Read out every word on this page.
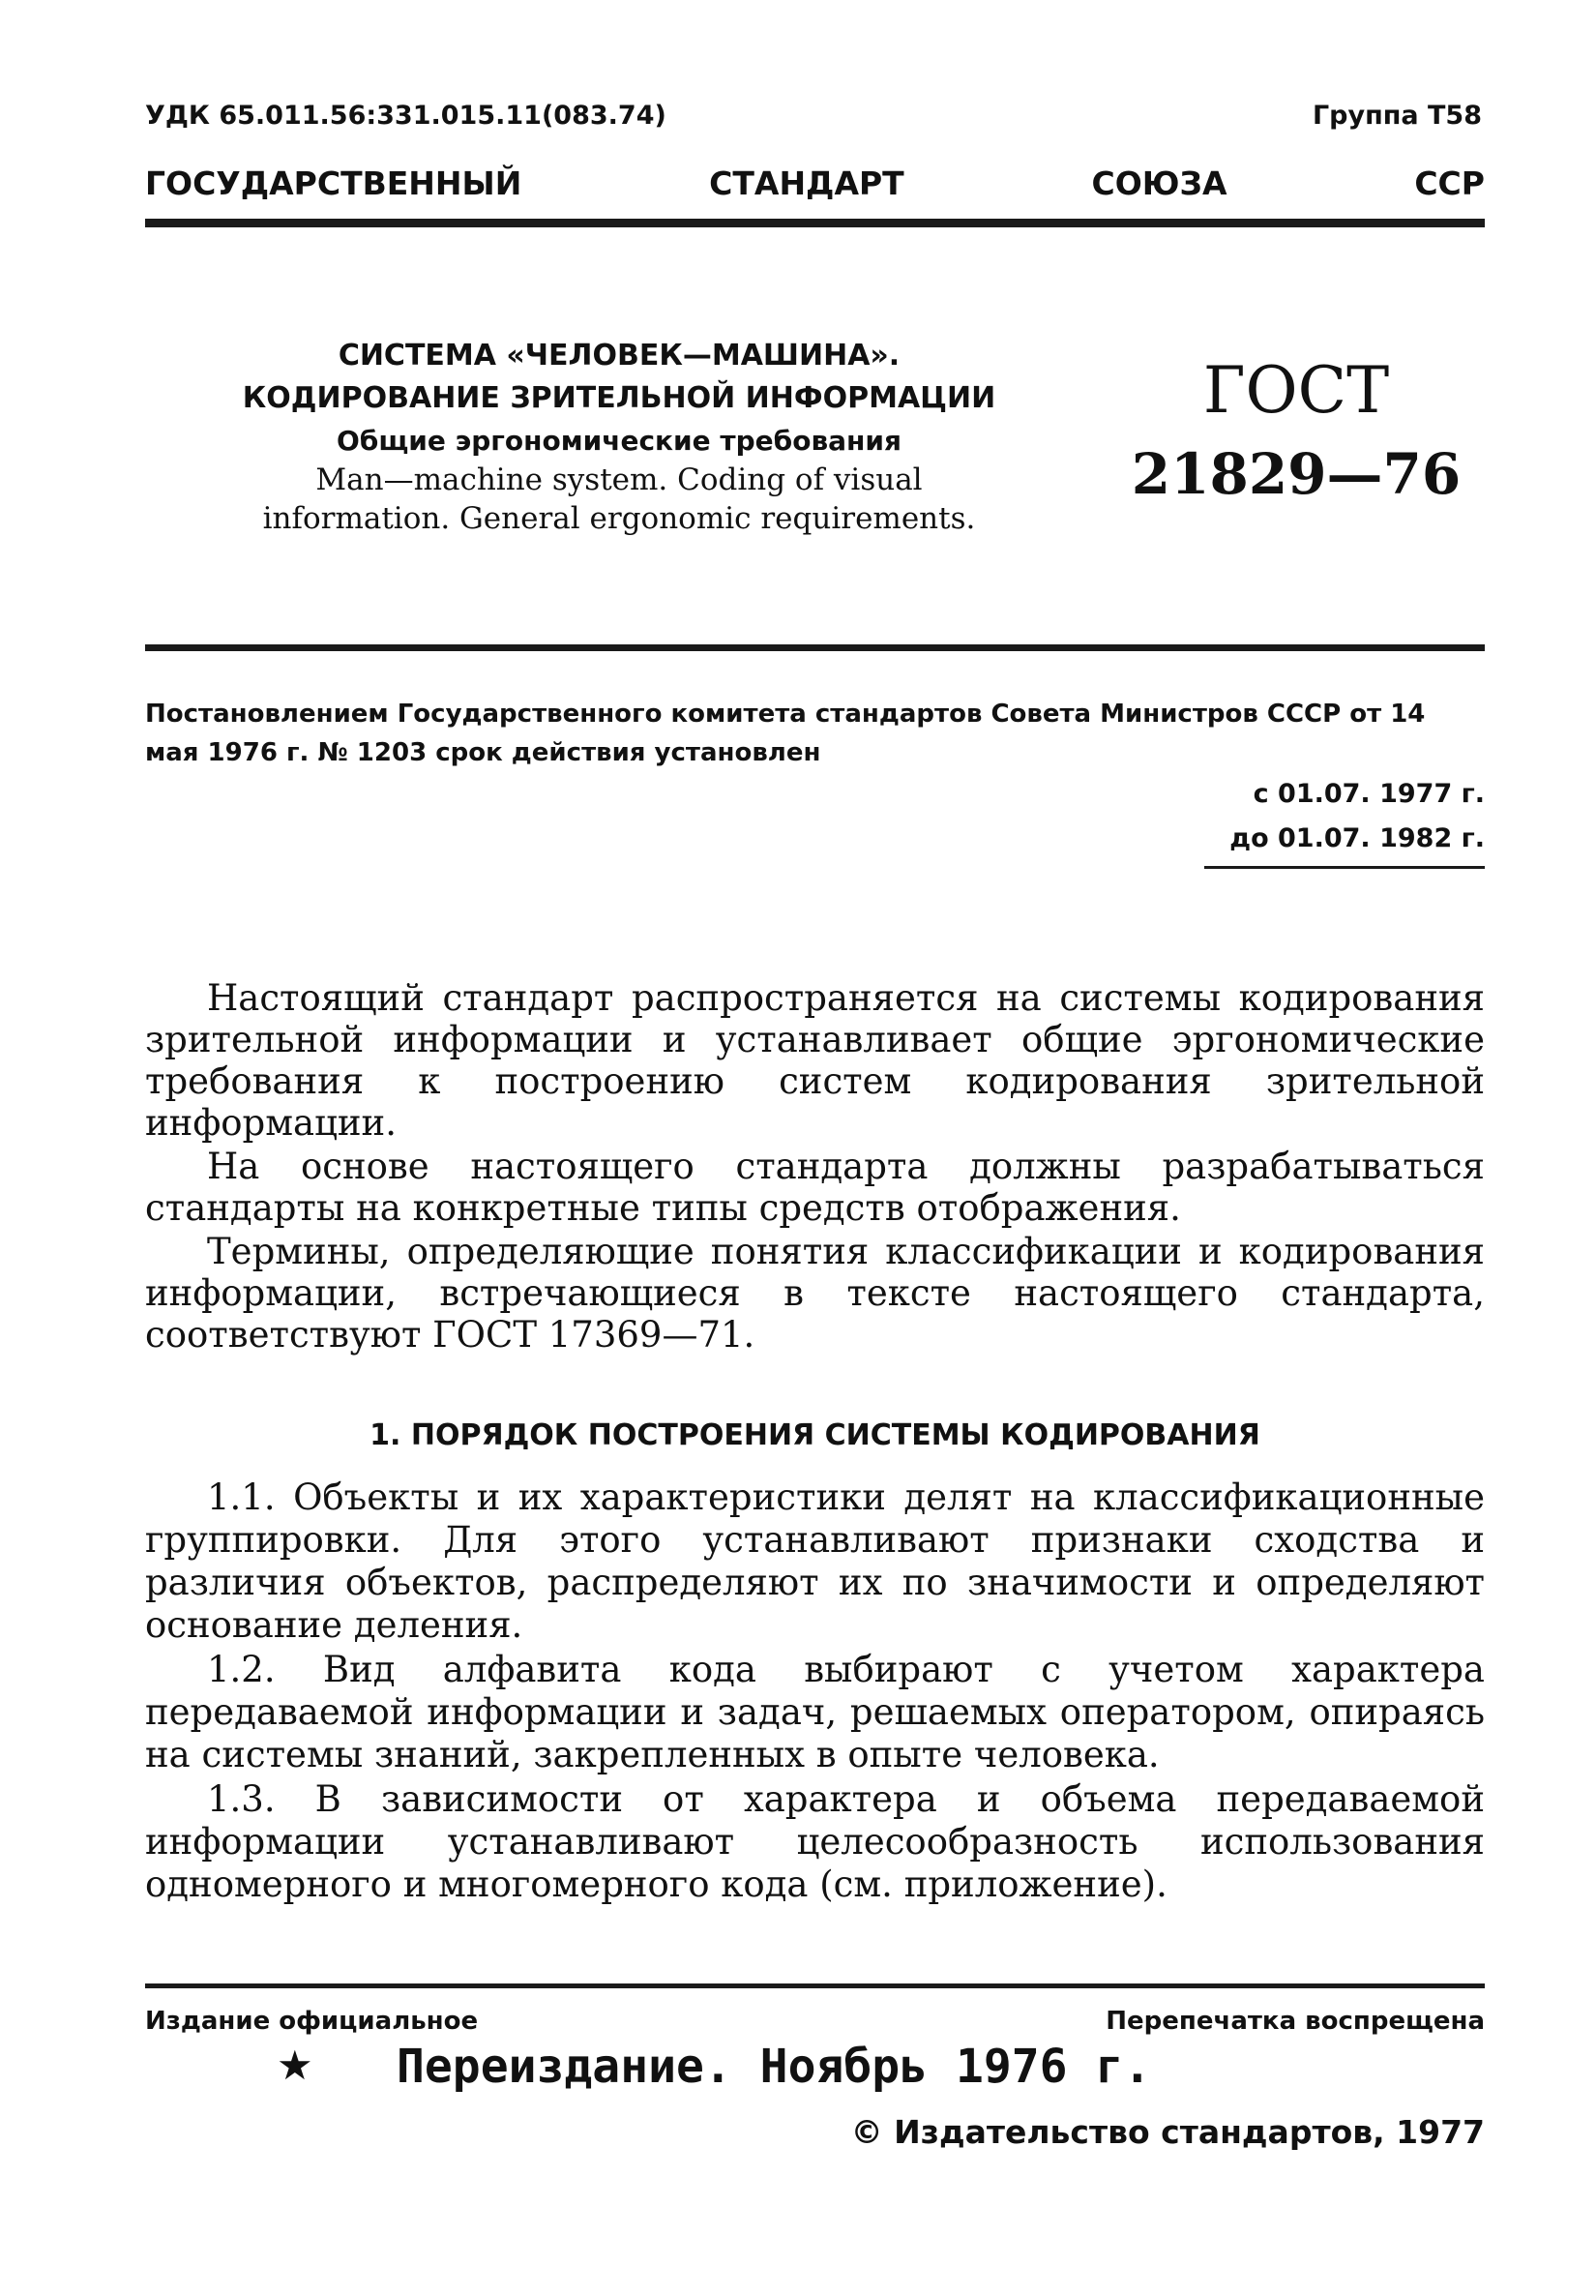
УДК 65.011.56:331.015.11(083.74)	Группа Т58
ГОСУДАРСТВЕННЫЙ	СТАНДАРТ	СОЮЗА	ССР

СИСТЕМА «ЧЕЛОВЕК—МАШИНА».

КОДИРОВАНИЕ ЗРИТЕЛЬНОЙ ИНФОРМАЦИИ

Общие эргономические требования

Man—machine system. Coding of visual

information. General ergonomic requirements.

ГОСТ
21829—76
Постановлением Государственного комитета стандартов Совета Министров СССР от 14 мая 1976 г. № 1203 срок действия установлен
с 01.07. 1977 г.
до 01.07. 1982 г.

Настоящий стандарт распространяется на системы кодирования зрительной информации и устанавливает общие эргономические требования к построению систем кодирования зрительной информации.

На основе настоящего стандарта должны разрабатываться стандарты на конкретные типы средств отображения.

Термины, определяющие понятия классификации и кодирования информации, встречающиеся в тексте настоящего стандарта, соответствуют ГОСТ 17369—71.

1. ПОРЯДОК ПОСТРОЕНИЯ СИСТЕМЫ КОДИРОВАНИЯ

1.1. Объекты и их характеристики делят на классификационные группировки. Для этого устанавливают признаки сходства и различия объектов, распределяют их по значимости и определяют основание деления.

1.2. Вид алфавита кода выбирают с учетом характера передаваемой информации и задач, решаемых оператором, опираясь на системы знаний, закрепленных в опыте человека.

1.3. В зависимости от характера и объема передаваемой информации устанавливают целесообразность использования одномерного и многомерного кода (см. приложение).

Издание официальное	Перепечатка воспрещена
★ Переиздание. Ноябрь 1976 г.
© Издательство стандартов, 1977
